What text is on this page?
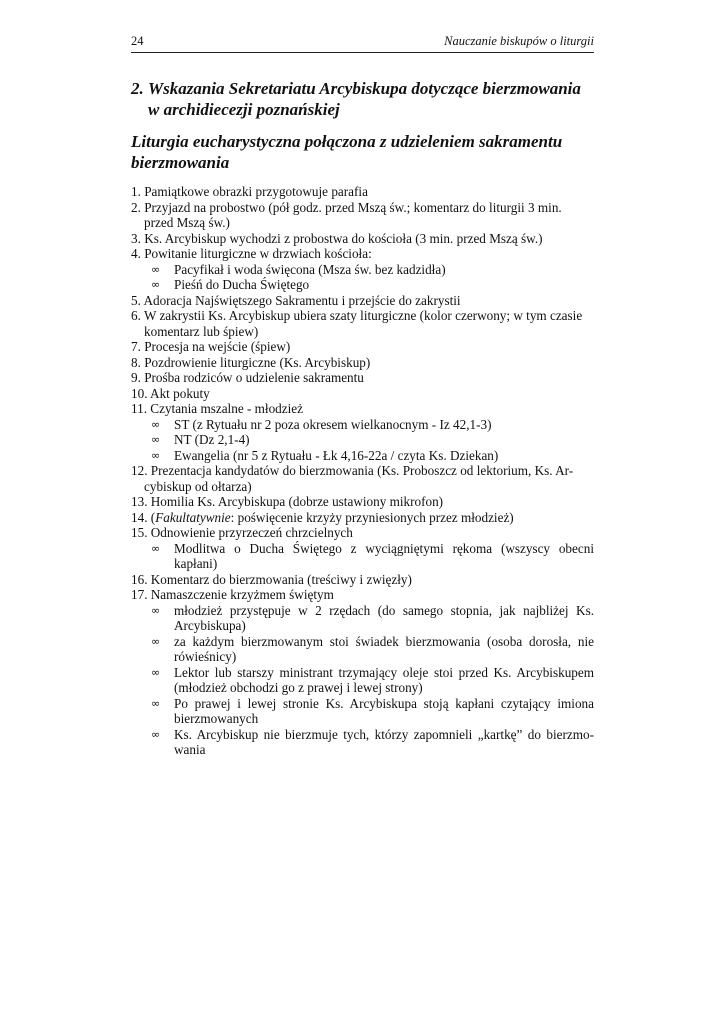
24	Nauczanie biskupów o liturgii
2. Wskazania Sekretariatu Arcybiskupa dotyczące bierzmowania
w archidiecezji poznańskiej
Liturgia eucharystyczna połączona z udzieleniem sakramentu
bierzmowania
1. Pamiątkowe obrazki przygotowuje parafia
2. Przyjazd na probostwo (pół godz. przed Mszą św.; komentarz do liturgii 3 min.
przed Mszą św.)
3. Ks. Arcybiskup wychodzi z probostwa do kościoła (3 min. przed Mszą św.)
4. Powitanie liturgiczne w drzwiach kościoła:
∞ Pacyfikał i woda święcona (Msza św. bez kadzidła)
∞ Pieśń do Ducha Świętego
5. Adoracja Najświętszego Sakramentu i przejście do zakrystii
6. W zakrystii Ks. Arcybiskup ubiera szaty liturgiczne (kolor czerwony; w tym czasie
komentarz lub śpiew)
7. Procesja na wejście (śpiew)
8. Pozdrowienie liturgiczne (Ks. Arcybiskup)
9. Prośba rodziców o udzielenie sakramentu
10. Akt pokuty
11. Czytania mszalne - młodzież
∞ ST (z Rytuału nr 2 poza okresem wielkanocnym - Iz 42,1-3)
∞ NT (Dz 2,1-4)
∞ Ewangelia (nr 5 z Rytuału - Łk 4,16-22a / czyta Ks. Dziekan)
12. Prezentacja kandydatów do bierzmowania (Ks. Proboszcz od lektorium, Ks. Ar-
cybiskup od ołtarza)
13. Homilia Ks. Arcybiskupa (dobrze ustawiony mikrofon)
14. (Fakultatywnie: poświęcenie krzyży przyniesionych przez młodzież)
15. Odnowienie przyrzeczeń chrzcielnych
∞ Modlitwa o Ducha Świętego z wyciągniętymi rękoma (wszyscy obecni kapłani)
16. Komentarz do bierzmowania (treściwy i zwięzły)
17. Namaszczenie krzyżmem świętym
∞ młodzież przystępuje w 2 rzędach (do samego stopnia, jak najbliżej Ks. Arcybiskupa)
∞ za każdym bierzmowanym stoi świadek bierzmowania (osoba dorosła, nie rówieśnicy)
∞ Lektor lub starszy ministrant trzymający oleje stoi przed Ks. Arcybiskupem (młodzież obchodzi go z prawej i lewej strony)
∞ Po prawej i lewej stronie Ks. Arcybiskupa stoją kapłani czytający imiona bierzmowanych
∞ Ks. Arcybiskup nie bierzmuje tych, którzy zapomnieli „kartkę” do bierzmo-wania
